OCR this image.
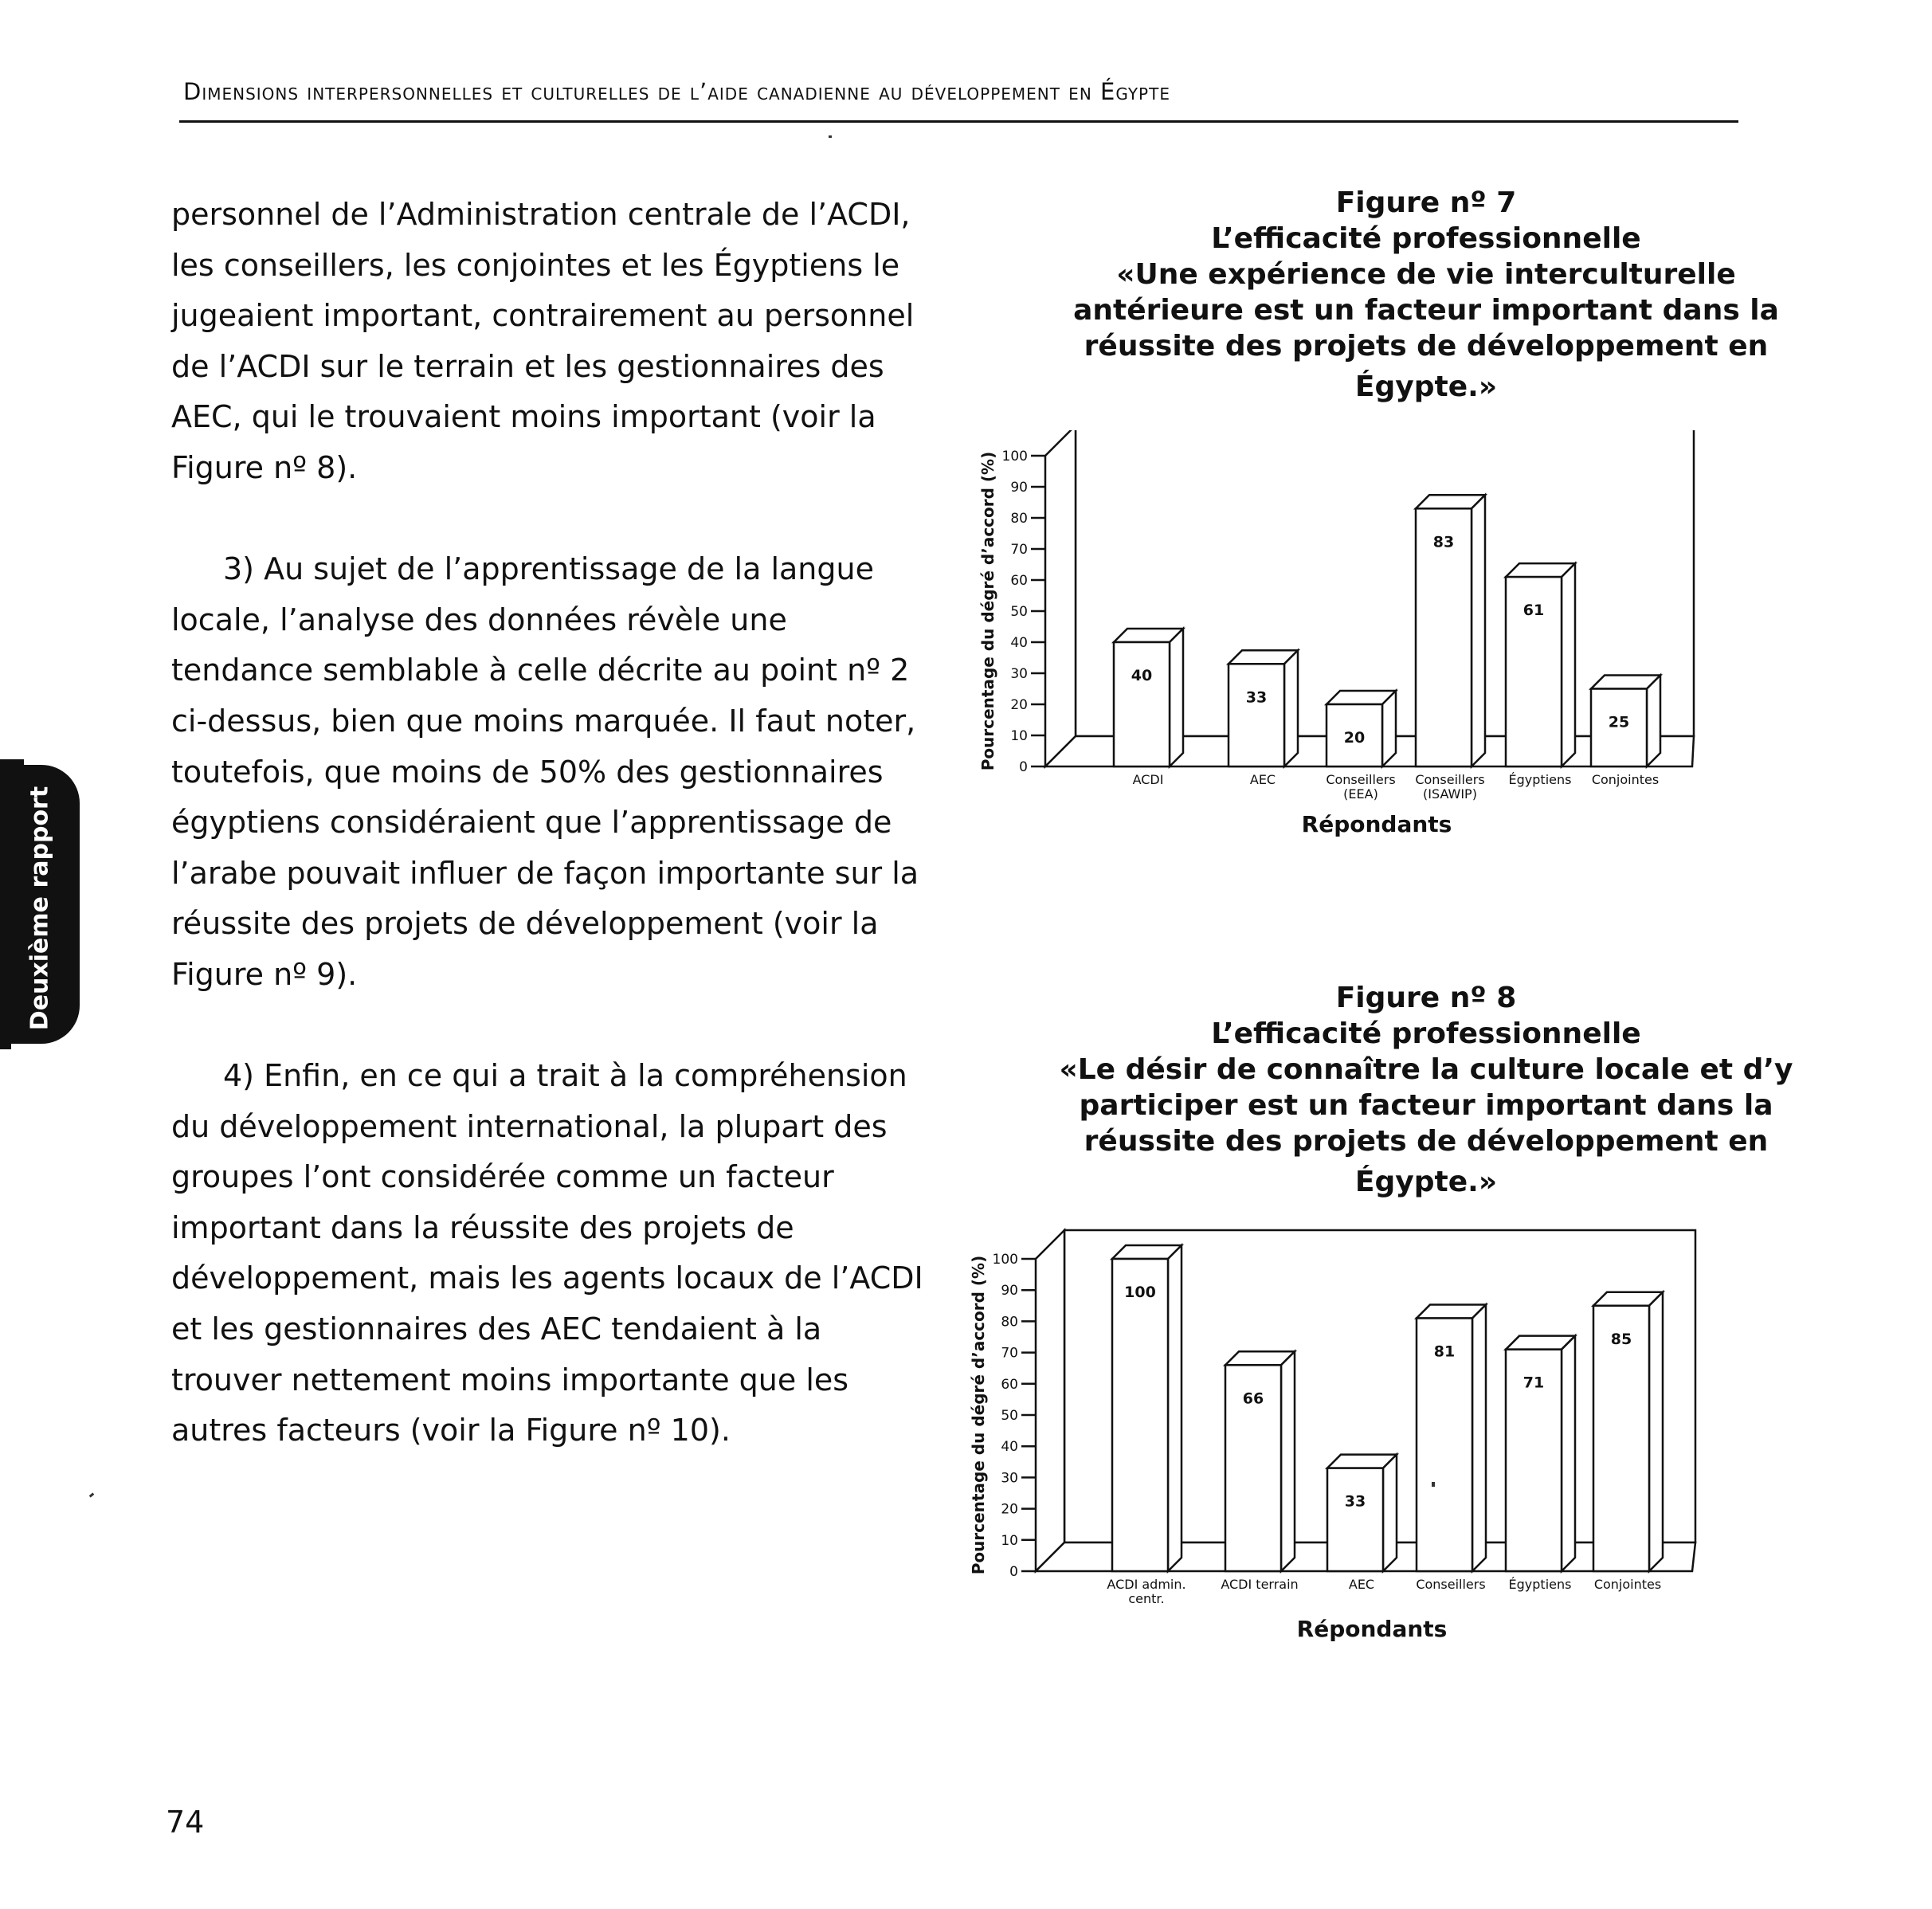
Dimensions interpersonnelles et culturelles de l’aide canadienne au développement en Égypte

personnel de l’Administration centrale de l’ACDI, les conseillers, les conjointes et les Égyptiens le jugeaient important, contrairement au personnel de l’ACDI sur le terrain et les gestionnaires des AEC, qui le trouvaient moins important (voir la Figure nº 8).

3) Au sujet de l’apprentissage de la langue locale, l’analyse des données révèle une tendance semblable à celle décrite au point nº 2 ci-dessus, bien que moins marquée. Il faut noter, toutefois, que moins de 50% des gestionnaires égyptiens considéraient que l’apprentissage de l’arabe pouvait influer de façon importante sur la réussite des projets de développement (voir la Figure nº 9).

4) Enfin, en ce qui a trait à la compréhension du développement international, la plupart des groupes l’ont considérée comme un facteur important dans la réussite des projets de développement, mais les agents locaux de l’ACDI et les gestionnaires des AEC tendaient à la trouver nettement moins importante que les autres facteurs (voir la Figure nº 10).

Deuxième rapport
Figure nº 7
L’efficacité professionnelle
«Une expérience de vie interculturelle
antérieure est un facteur important dans la
réussite des projets de développement en
Égypte.»
0
10
20
30
40
50
60
70
80
90
100
Pourcentage du dégré d’accord (%)	40
ACDI
33
AEC
20
Conseillers
(EEA)
83
Conseillers
(ISAWIP)
61
Égyptiens
25
Conjointes
Répondants
Figure nº 8
L’efficacité professionnelle
«Le désir de connaître la culture locale et d’y
participer est un facteur important dans la
réussite des projets de développement en
Égypte.»
0
10
20
30
40
50
60
70
80
90
100
Pourcentage du dégré d’accord (%)	100
ACDI admin.
centr.
66
ACDI terrain
33
AEC
81
Conseillers
71
Égyptiens
85
Conjointes
Répondants
74
